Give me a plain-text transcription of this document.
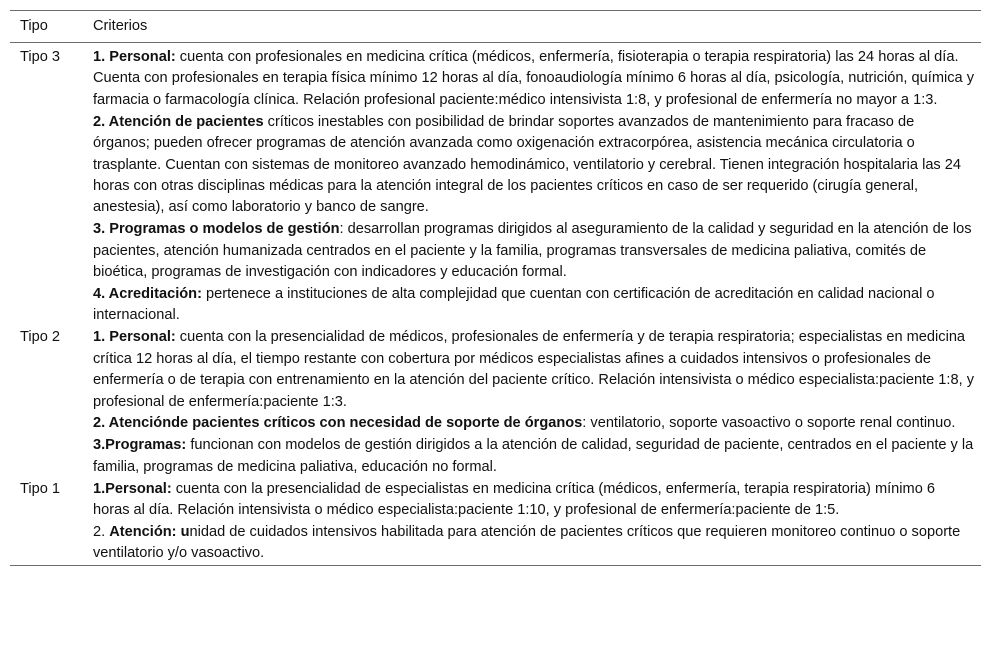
Tipo	Criterios
Tipo 3	1. Personal: cuenta con profesionales en medicina crítica (médicos, enfermería, fisioterapia o terapia respiratoria) las 24 horas al día. Cuenta con profesionales en terapia física mínimo 12 horas al día, fonoaudiología mínimo 6 horas al día, psicología, nutrición, química y farmacia o farmacología clínica. Relación profesional paciente:médico intensivista 1:8, y profesional de enfermería no mayor a 1:3.
2. Atención de pacientes críticos inestables con posibilidad de brindar soportes avanzados de mantenimiento para fracaso de órganos; pueden ofrecer programas de atención avanzada como oxigenación extracorpórea, asistencia mecánica circulatoria o trasplante. Cuentan con sistemas de monitoreo avanzado hemodinámico, ventilatorio y cerebral. Tienen integración hospitalaria las 24 horas con otras disciplinas médicas para la atención integral de los pacientes críticos en caso de ser requerido (cirugía general, anestesia), así como laboratorio y banco de sangre.
3. Programas o modelos de gestión: desarrollan programas dirigidos al aseguramiento de la calidad y seguridad en la atención de los pacientes, atención humanizada centrados en el paciente y la familia, programas transversales de medicina paliativa, comités de bioética, programas de investigación con indicadores y educación formal.
4. Acreditación: pertenece a instituciones de alta complejidad que cuentan con certificación de acreditación en calidad nacional o internacional.

Tipo 2	1. Personal: cuenta con la presencialidad de médicos, profesionales de enfermería y de terapia respiratoria; especialistas en medicina crítica 12 horas al día, el tiempo restante con cobertura por médicos especialistas afines a cuidados intensivos o profesionales de enfermería o de terapia con entrenamiento en la atención del paciente crítico. Relación intensivista o médico especialista:paciente 1:8, y profesional de enfermería:paciente 1:3.
2. Atenciónde pacientes críticos con necesidad de soporte de órganos: ventilatorio, soporte vasoactivo o soporte renal continuo.
3.Programas: funcionan con modelos de gestión dirigidos a la atención de calidad, seguridad de paciente, centrados en el paciente y la familia, programas de medicina paliativa, educación no formal.

Tipo 1	1.Personal: cuenta con la presencialidad de especialistas en medicina crítica (médicos, enfermería, terapia respiratoria) mínimo 6 horas al día. Relación intensivista o médico especialista:paciente 1:10, y profesional de enfermería:paciente de 1:5.
2. Atención: unidad de cuidados intensivos habilitada para atención de pacientes críticos que requieren monitoreo continuo o soporte ventilatorio y/o vasoactivo.
